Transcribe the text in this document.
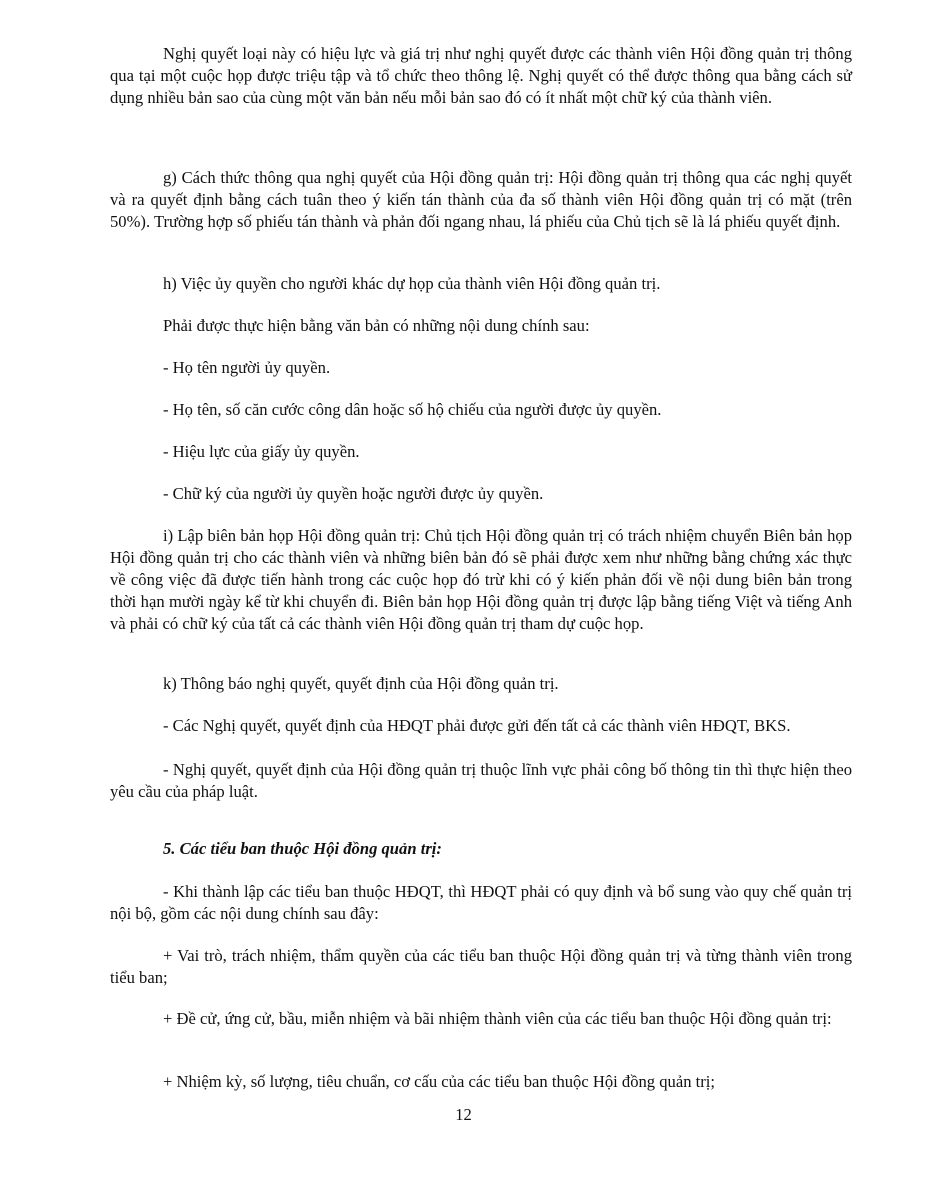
Nghị quyết loại này có hiệu lực và giá trị như nghị quyết được các thành viên Hội đồng quản trị thông qua tại một cuộc họp được triệu tập và tổ chức theo thông lệ. Nghị quyết có thể được thông qua bằng cách sử dụng nhiều bản sao của cùng một văn bản nếu mỗi bản sao đó có ít nhất một chữ ký của thành viên.

g) Cách thức thông qua nghị quyết của Hội đồng quản trị: Hội đồng quản trị thông qua các nghị quyết và ra quyết định bằng cách tuân theo ý kiến tán thành của đa số thành viên Hội đồng quản trị có mặt (trên 50%). Trường hợp số phiếu tán thành và phản đối ngang nhau, lá phiếu của Chủ tịch sẽ là lá phiếu quyết định.

h) Việc ủy quyền cho người khác dự họp của thành viên Hội đồng quản trị.

Phải được thực hiện bằng văn bản có những nội dung chính sau:

- Họ tên người ủy quyền.

- Họ tên, số căn cước công dân hoặc số hộ chiếu của người được ủy quyền.

- Hiệu lực của giấy ủy quyền.

- Chữ ký của người ủy quyền hoặc người được ủy quyền.

i) Lập biên bản họp Hội đồng quản trị: Chủ tịch Hội đồng quản trị có trách nhiệm chuyển Biên bản họp Hội đồng quản trị cho các thành viên và những biên bản đó sẽ phải được xem như những bằng chứng xác thực về công việc đã được tiến hành trong các cuộc họp đó trừ khi có ý kiến phản đối về nội dung biên bản trong thời hạn mười ngày kể từ khi chuyển đi. Biên bản họp Hội đồng quản trị được lập bằng tiếng Việt và tiếng Anh và phải có chữ ký của tất cả các thành viên Hội đồng quản trị tham dự cuộc họp.

k) Thông báo nghị quyết, quyết định của Hội đồng quản trị.

- Các Nghị quyết, quyết định của HĐQT phải được gửi đến tất cả các thành viên HĐQT, BKS.

- Nghị quyết, quyết định của Hội đồng quản trị thuộc lĩnh vực phải công bố thông tin thì thực hiện theo yêu cầu của pháp luật.

5. Các tiểu ban thuộc Hội đồng quản trị:

- Khi thành lập các tiểu ban thuộc HĐQT, thì HĐQT phải có quy định và bổ sung vào quy chế quản trị nội bộ, gồm các nội dung chính sau đây:

+ Vai trò, trách nhiệm, thẩm quyền của các tiểu ban thuộc Hội đồng quản trị và từng thành viên trong tiểu ban;

+ Đề cử, ứng cử, bầu, miễn nhiệm và bãi nhiệm thành viên của các tiểu ban thuộc Hội đồng quản trị:

+ Nhiệm kỳ, số lượng, tiêu chuẩn, cơ cấu của các tiểu ban thuộc Hội đồng quản trị;

12
